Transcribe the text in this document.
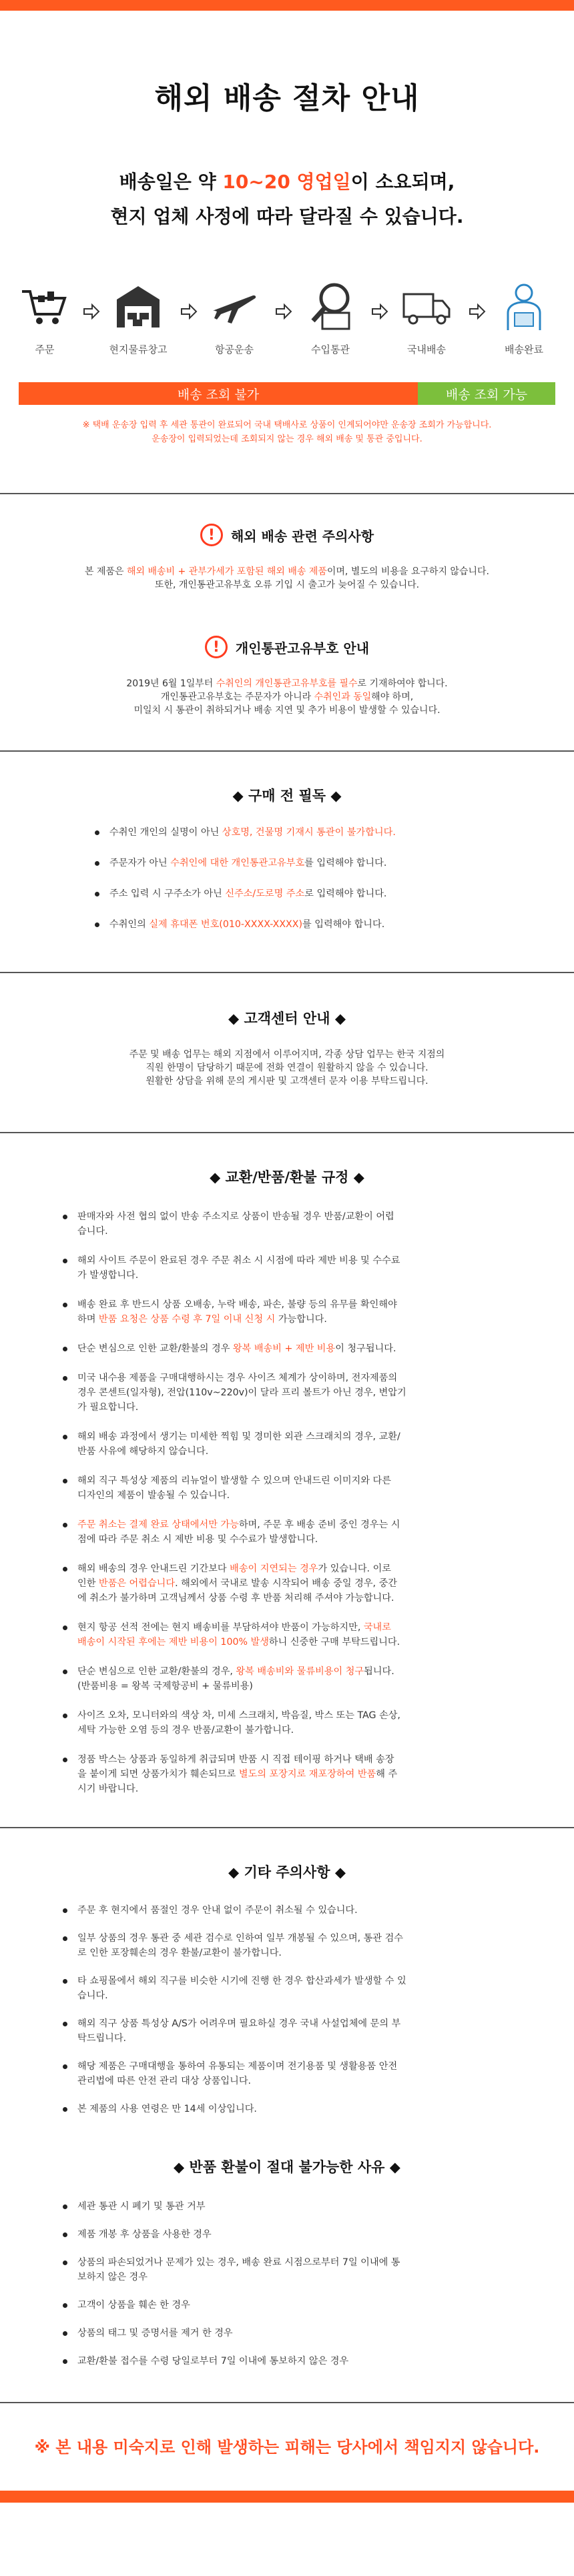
해외 배송 절차 안내
배송일은 약 10~20 영업일이 소요되며,
현지 업체 사정에 따라 달라질 수 있습니다.
주문	현지물류창고	항공운송	수입통관	국내배송	배송완료
배송 조회 불가	배송 조회 가능
※ 택배 운송장 입력 후 세관 통관이 완료되어 국내 택배사로 상품이 인계되어야만 운송장 조회가 가능합니다.
운송장이 입력되었는데 조회되지 않는 경우 해외 배송 및 통관 중입니다.
!	해외 배송 관련 주의사항

본 제품은 해외 배송비 + 관부가세가 포함된 해외 배송 제품이며, 별도의 비용을 요구하지 않습니다.

또한, 개인통관고유부호 오류 기입 시 출고가 늦어질 수 있습니다.

!	개인통관고유부호 안내

2019년 6월 1일부터 수취인의 개인통관고유부호를 필수로 기재하여야 합니다.

개인통관고유부호는 주문자가 아니라 수취인과 동일해야 하며,

미일치 시 통관이 취하되거나 배송 지연 및 추가 비용이 발생할 수 있습니다.

◆ 구매 전 필독 ◆
수취인 개인의 실명이 아닌 상호명, 건물명 기재시 통관이 불가합니다.
주문자가 아닌 수취인에 대한 개인통관고유부호를 입력해야 합니다.
주소 입력 시 구주소가 아닌 신주소/도로명 주소로 입력해야 합니다.
수취인의 실제 휴대폰 번호(010-XXXX-XXXX)를 입력해야 합니다.
◆ 고객센터 안내 ◆

주문 및 배송 업무는 해외 지점에서 이루어지며, 각종 상담 업무는 한국 지점의

직원 한명이 담당하기 때문에 전화 연결이 원활하지 않을 수 있습니다.

원활한 상담을 위해 문의 게시판 및 고객센터 문자 이용 부탁드립니다.

◆ 교환/반품/환불 규정 ◆
판매자와 사전 협의 없이 반송 주소지로 상품이 반송될 경우 반품/교환이 어렵
습니다.
해외 사이트 주문이 완료된 경우 주문 취소 시 시점에 따라 제반 비용 및 수수료
가 발생합니다.
배송 완료 후 반드시 상품 오배송, 누락 배송, 파손, 불량 등의 유무를 확인해야
하며 반품 요청은 상품 수령 후 7일 이내 신청 시 가능합니다.
단순 변심으로 인한 교환/환불의 경우 왕복 배송비 + 제반 비용이 청구됩니다.
미국 내수용 제품을 구매대행하시는 경우 사이즈 체계가 상이하며, 전자제품의
경우 콘센트(일자형), 전압(110v~220v)이 달라 프리 볼트가 아닌 경우, 변압기
가 필요합니다.
해외 배송 과정에서 생기는 미세한 찍힘 및 경미한 외관 스크래치의 경우, 교환/
반품 사유에 해당하지 않습니다.
해외 직구 특성상 제품의 리뉴얼이 발생할 수 있으며 안내드린 이미지와 다른
디자인의 제품이 발송될 수 있습니다.
주문 취소는 결제 완료 상태에서만 가능하며, 주문 후 배송 준비 중인 경우는 시
점에 따라 주문 취소 시 제반 비용 및 수수료가 발생합니다.
해외 배송의 경우 안내드린 기간보다 배송이 지연되는 경우가 있습니다. 이로
인한 반품은 어렵습니다. 해외에서 국내로 발송 시작되어 배송 중일 경우, 중간
에 취소가 불가하며 고객님께서 상품 수령 후 반품 처리해 주셔야 가능합니다.
현지 항공 선적 전에는 현지 배송비를 부담하셔야 반품이 가능하지만, 국내로
배송이 시작된 후에는 제반 비용이 100% 발생하니 신중한 구매 부탁드립니다.
단순 변심으로 인한 교환/환불의 경우, 왕복 배송비와 물류비용이 청구됩니다.
(반품비용 = 왕복 국제항공비 + 물류비용)
사이즈 오차, 모니터와의 색상 차, 미세 스크래치, 박음질, 박스 또는 TAG 손상,
세탁 가능한 오염 등의 경우 반품/교환이 불가합니다.
정품 박스는 상품과 동일하게 취급되며 반품 시 직접 테이핑 하거나 택배 송장
을 붙이게 되면 상품가치가 훼손되므로 별도의 포장지로 재포장하여 반품해 주
시기 바랍니다.
◆ 기타 주의사항 ◆
주문 후 현지에서 품절인 경우 안내 없이 주문이 취소될 수 있습니다.
일부 상품의 경우 통관 중 세관 검수로 인하여 일부 개봉될 수 있으며, 통관 검수
로 인한 포장훼손의 경우 환불/교환이 불가합니다.
타 쇼핑몰에서 해외 직구를 비슷한 시기에 진행 한 경우 합산과세가 발생할 수 있
습니다.
해외 직구 상품 특성상 A/S가 어려우며 필요하실 경우 국내 사설업체에 문의 부
탁드립니다.
해당 제품은 구매대행을 통하여 유통되는 제품이며 전기용품 및 생활용품 안전
관리법에 따른 안전 관리 대상 상품입니다.
본 제품의 사용 연령은 만 14세 이상입니다.
◆ 반품 환불이 절대 불가능한 사유 ◆
세관 통관 시 폐기 및 통관 거부
제품 개봉 후 상품을 사용한 경우
상품의 파손되었거나 문제가 있는 경우, 배송 완료 시점으로부터 7일 이내에 통
보하지 않은 경우
고객이 상품을 훼손 한 경우
상품의 태그 및 증명서를 제거 한 경우
교환/환불 접수를 수령 당일로부터 7일 이내에 통보하지 않은 경우
※ 본 내용 미숙지로 인해 발생하는 피해는 당사에서 책임지지 않습니다.
